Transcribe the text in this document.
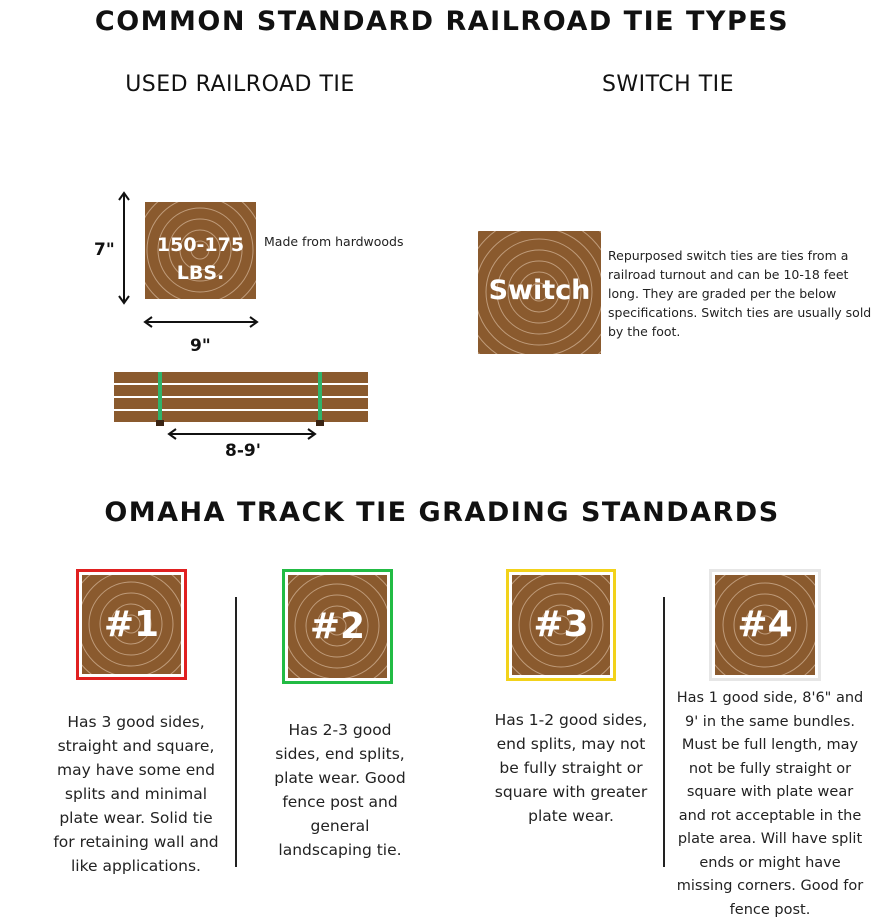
COMMON STANDARD RAILROAD TIE TYPES
USED RAILROAD TIE	SWITCH TIE
7"	150-175
LBS.
Made from hardwoods
9"
8-9'
Switch
Repurposed switch ties are ties from a railroad turnout and can be 10-18 feet long. They are graded per the below specifications. Switch ties are usually sold by the foot.
OMAHA TRACK TIE GRADING STANDARDS
#1
Has 3 good sides, straight and square, may have some end splits and minimal plate wear. Solid tie for retaining wall and like applications.
#2
Has 2-3 good sides, end splits, plate wear. Good fence post and general landscaping tie.
#3
Has 1-2 good sides, end splits, may not be fully straight or square with greater plate wear.
#4
Has 1 good side, 8'6" and 9' in the same bundles. Must be full length, may not be fully straight or square with plate wear and rot acceptable in the plate area. Will have split ends or might have missing corners. Good for fence post.
